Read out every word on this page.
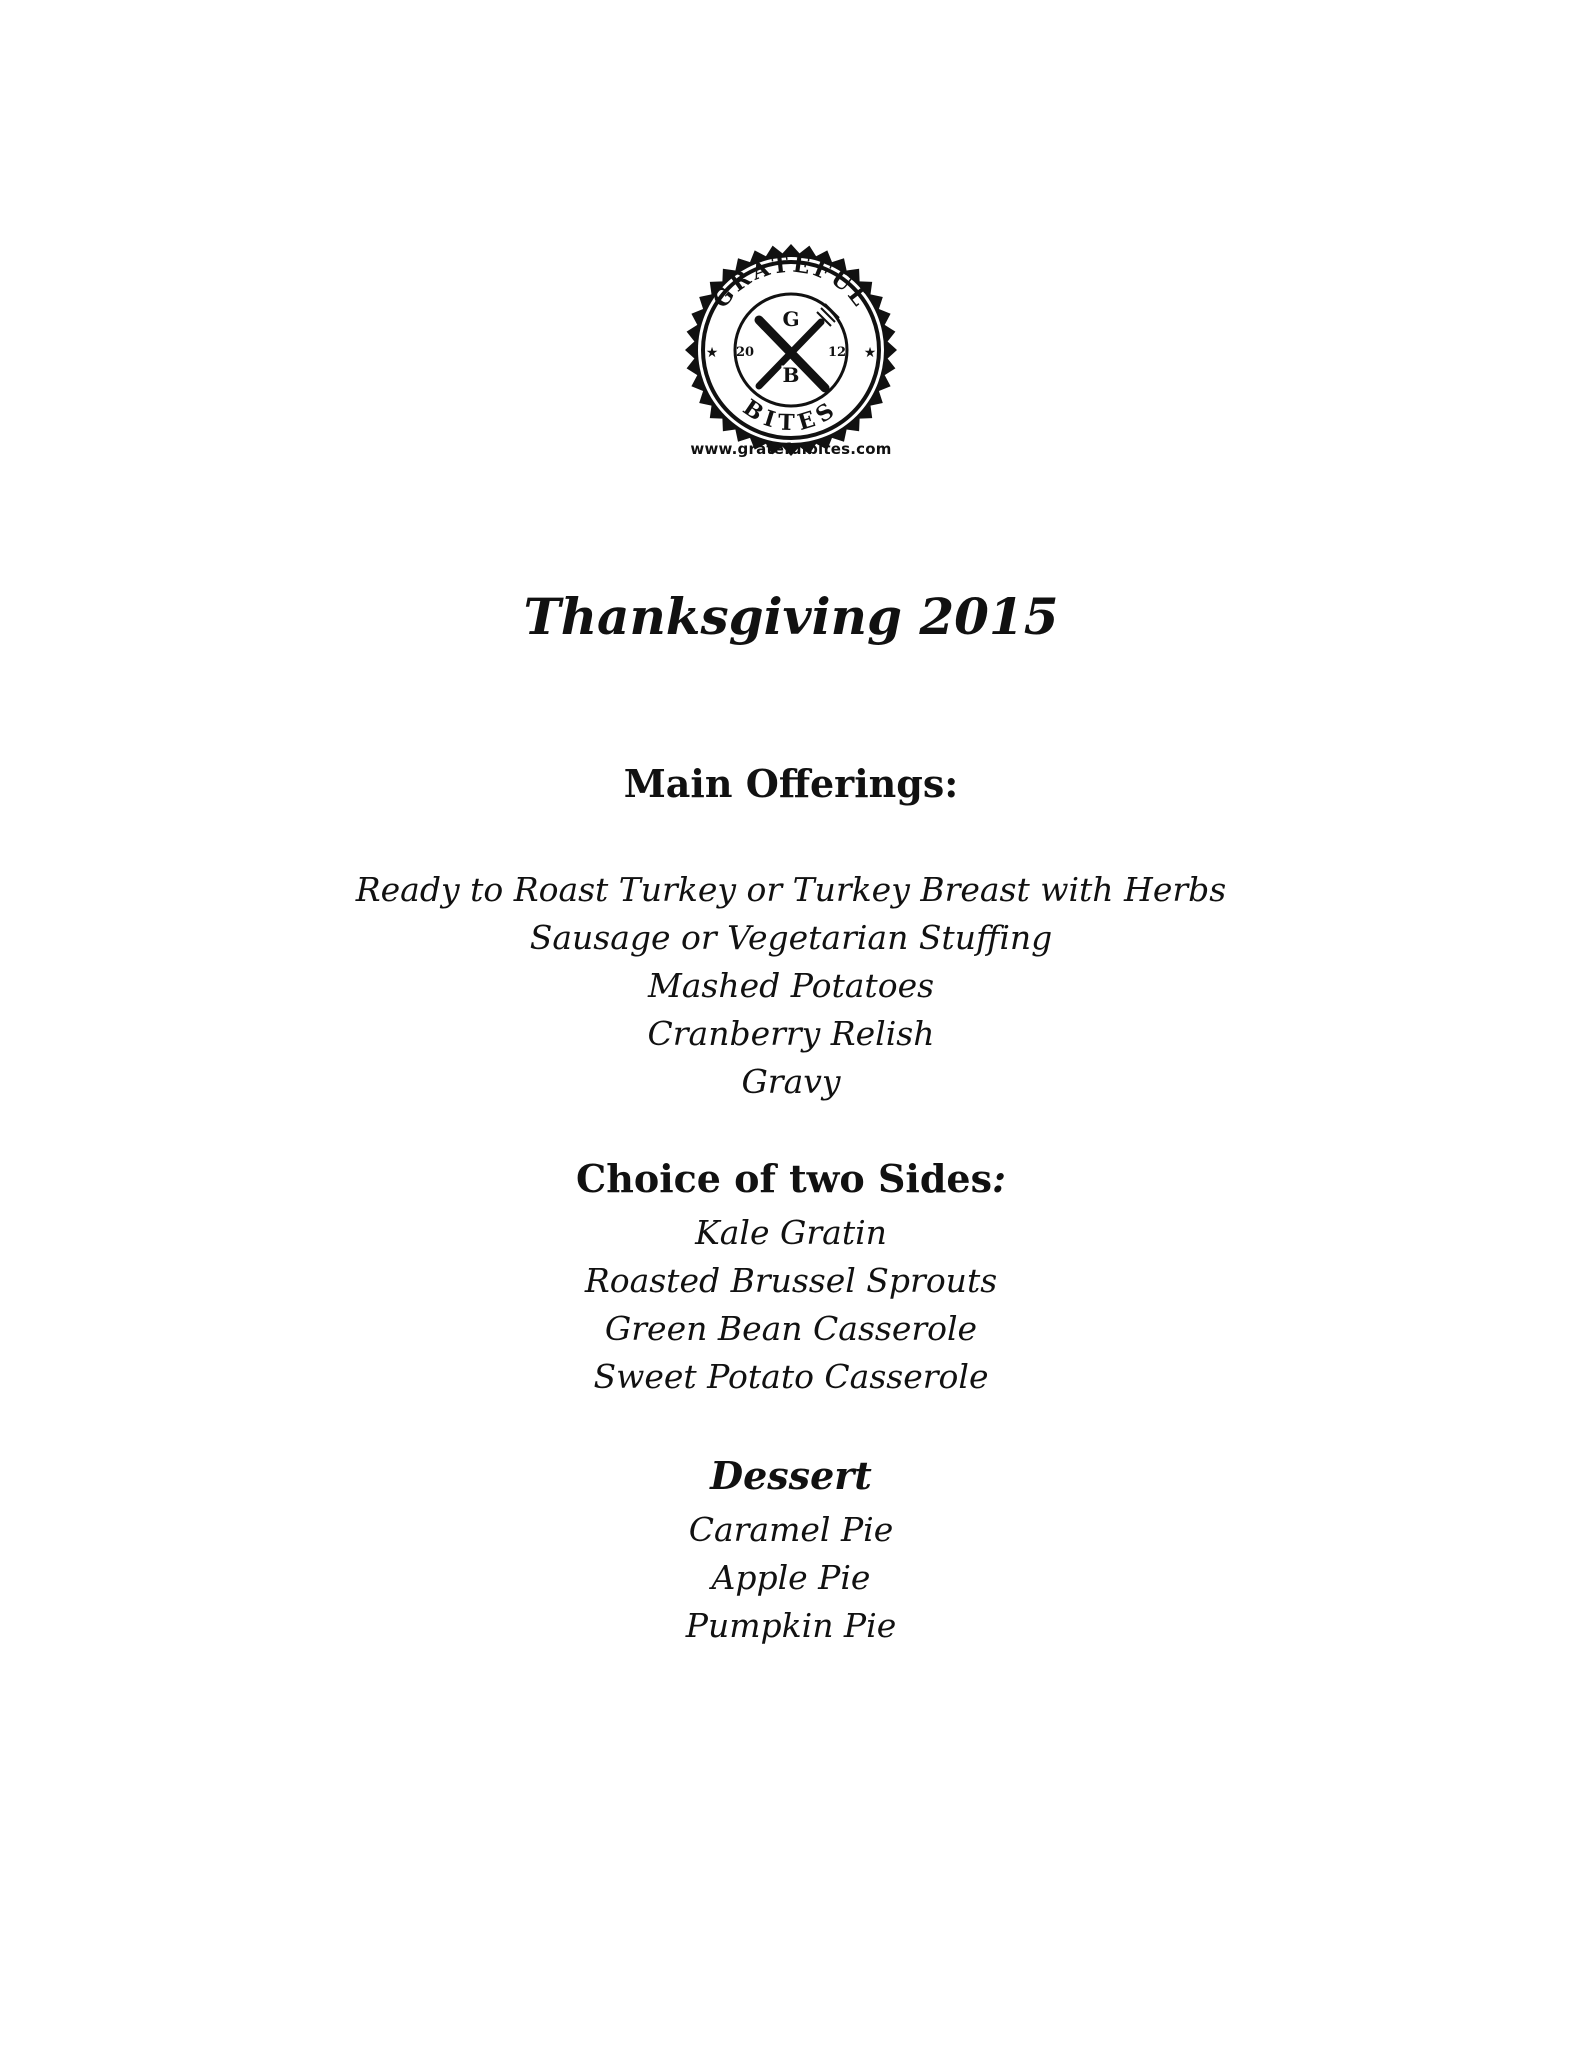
GRATEFUL
BITES
★	★
G
B
20	12
www.gratefulbites.com
Thanksgiving 2015
Main Offerings:
Ready to Roast Turkey or Turkey Breast with Herbs
Sausage or Vegetarian Stuffing
Mashed Potatoes
Cranberry Relish
Gravy
Choice of two Sides:
Kale Gratin
Roasted Brussel Sprouts
Green Bean Casserole
Sweet Potato Casserole
Dessert
Caramel Pie
Apple Pie
Pumpkin Pie
